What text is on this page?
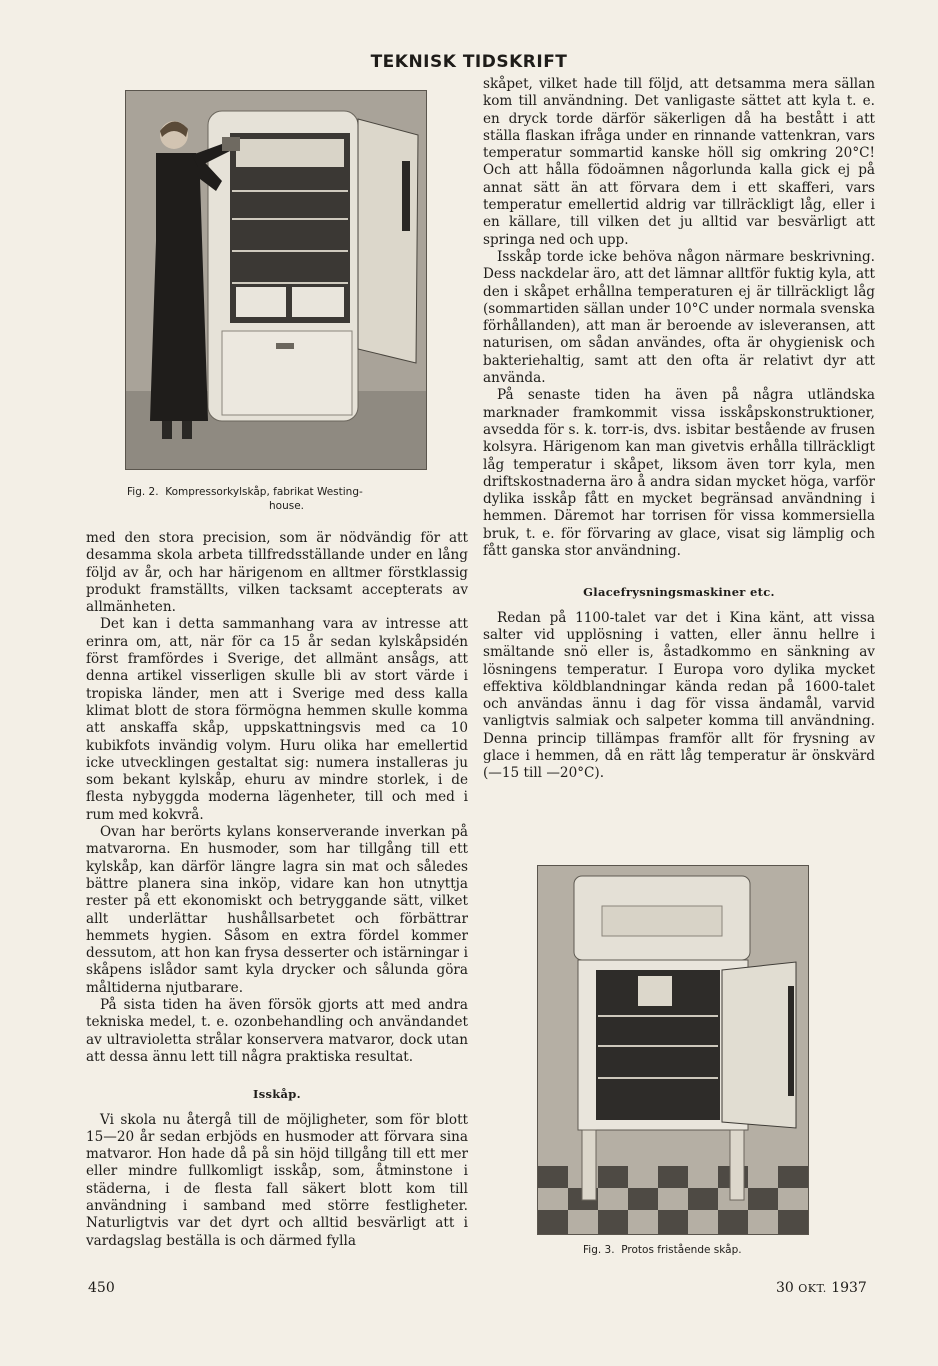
TEKNISK TIDSKRIFT
Fig. 2. Kompressorkylskåp, fabrikat Westing-
house.

med den stora precision, som är nödvändig för att desamma skola arbeta tillfredsställande under en lång följd av år, och har härigenom en alltmer förstklassig produkt framställts, vilken tacksamt accepterats av allmänheten.

Det kan i detta sammanhang vara av intresse att erinra om, att, när för ca 15 år sedan kylskåpsidén först framfördes i Sverige, det allmänt ansågs, att denna artikel visserligen skulle bli av stort värde i tropiska länder, men att i Sverige med dess kalla klimat blott de stora förmögna hemmen skulle komma att anskaffa skåp, uppskattningsvis med ca 10 kubikfots invändig volym. Huru olika har emellertid icke utvecklingen gestaltat sig: numera installeras ju som bekant kylskåp, ehuru av mindre storlek, i de flesta nybyggda moderna lägenheter, till och med i rum med kokvrå.

Ovan har berörts kylans konserverande inverkan på matvarorna. En husmoder, som har tillgång till ett kylskåp, kan därför längre lagra sin mat och således bättre planera sina inköp, vidare kan hon utnyttja rester på ett ekonomiskt och betryggande sätt, vilket allt underlättar hushållsarbetet och förbättrar hemmets hygien. Såsom en extra fördel kommer dessutom, att hon kan frysa desserter och istärningar i skåpens islådor samt kyla drycker och sålunda göra måltiderna njutbarare.

På sista tiden ha även försök gjorts att med andra tekniska medel, t. e. ozonbehandling och användandet av ultravioletta strålar konservera matvaror, dock utan att dessa ännu lett till några praktiska resultat.

Isskåp.

Vi skola nu återgå till de möjligheter, som för blott 15—20 år sedan erbjöds en husmoder att förvara sina matvaror. Hon hade då på sin höjd tillgång till ett mer eller mindre fullkomligt isskåp, som, åtminstone i städerna, i de flesta fall säkert blott kom till användning i samband med större festligheter. Naturligtvis var det dyrt och alltid besvärligt att i vardagslag beställa is och därmed fylla

skåpet, vilket hade till följd, att detsamma mera sällan kom till användning. Det vanligaste sättet att kyla t. e. en dryck torde därför säkerligen då ha bestått i att ställa flaskan ifråga under en rinnande vattenkran, vars temperatur sommartid kanske höll sig omkring 20°C! Och att hålla födoämnen någorlunda kalla gick ej på annat sätt än att förvara dem i ett skafferi, vars temperatur emellertid aldrig var tillräckligt låg, eller i en källare, till vilken det ju alltid var besvärligt att springa ned och upp.

Isskåp torde icke behöva någon närmare beskrivning. Dess nackdelar äro, att det lämnar alltför fuktig kyla, att den i skåpet erhållna temperaturen ej är tillräckligt låg (sommartiden sällan under 10°C under normala svenska förhållanden), att man är beroende av isleveransen, att naturisen, om sådan användes, ofta är ohygienisk och bakteriehaltig, samt att den ofta är relativt dyr att använda.

På senaste tiden ha även på några utländska marknader framkommit vissa isskåpskonstruktioner, avsedda för s. k. torr-is, dvs. isbitar bestående av frusen kolsyra. Härigenom kan man givetvis erhålla tillräckligt låg temperatur i skåpet, liksom även torr kyla, men driftskostnaderna äro å andra sidan mycket höga, varför dylika isskåp fått en mycket begränsad användning i hemmen. Däremot har torrisen för vissa kommersiella bruk, t. e. för förvaring av glace, visat sig lämplig och fått ganska stor användning.

Glacefrysningsmaskiner etc.

Redan på 1100-talet var det i Kina känt, att vissa salter vid upplösning i vatten, eller ännu hellre i smältande snö eller is, åstadkommo en sänkning av lösningens temperatur. I Europa voro dylika mycket effektiva köldblandningar kända redan på 1600-talet och användas ännu i dag för vissa ändamål, varvid vanligtvis salmiak och salpeter komma till användning. Denna princip tillämpas framför allt för frysning av glace i hemmen, då en rätt låg temperatur är önskvärd (—15 till —20°C).

Fig. 3. Protos fristående skåp.
450	30 OKT. 1937
